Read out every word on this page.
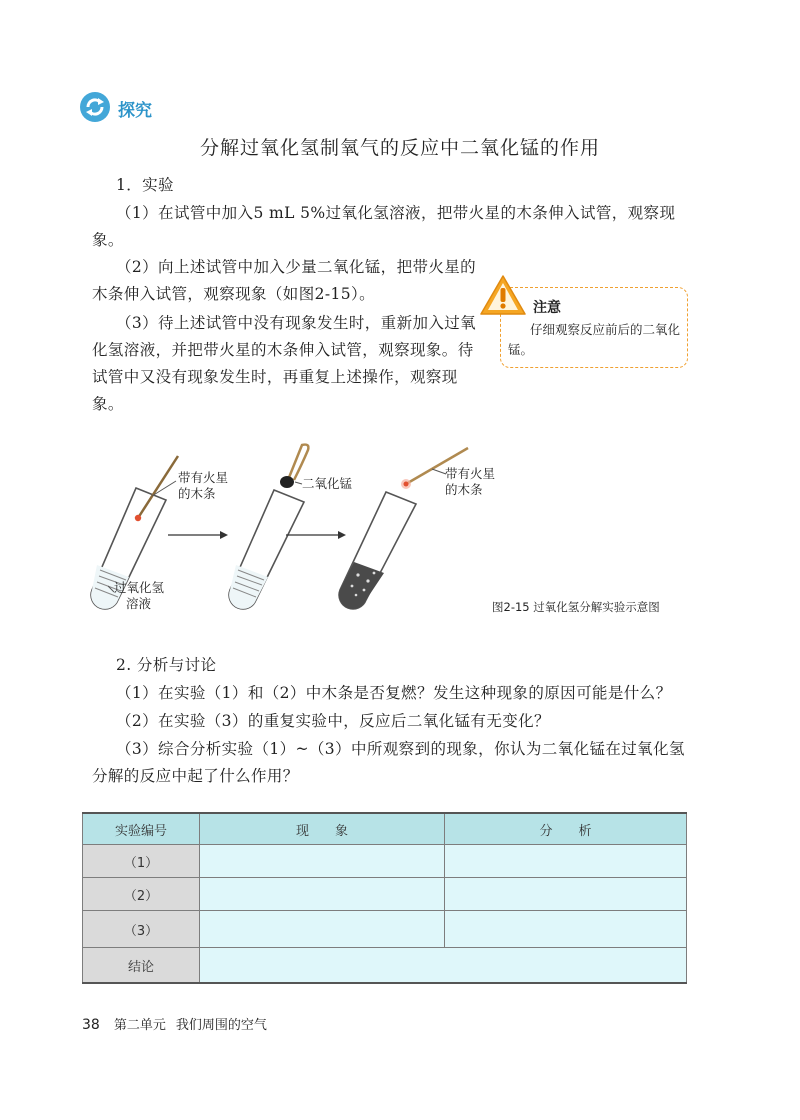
探究
分解过氧化氢制氧气的反应中二氧化锰的作用
1．实验
（1）在试管中加入5 mL 5%过氧化氢溶液，把带火星的木条伸入试管，观察现象。
（2）向上述试管中加入少量二氧化锰，把带火星的木条伸入试管，观察现象（如图2-15）。
（3）待上述试管中没有现象发生时，重新加入过氧化氢溶液，并把带火星的木条伸入试管，观察现象。待试管中又没有现象发生时，再重复上述操作，观察现象。
注意
仔细观察反应前后的二氧化锰。
带有火星
的木条
二氧化锰
带有火星
的木条
过氧化氢
溶液	图2-15 过氧化氢分解实验示意图
2. 分析与讨论
（1）在实验（1）和（2）中木条是否复燃？发生这种现象的原因可能是什么？
（2）在实验（3）的重复实验中，反应后二氧化锰有无变化？
（3）综合分析实验（1）~（3）中所观察到的现象，你认为二氧化锰在过氧化氢分解的反应中起了什么作用？
实验编号	现　　象	分　　析
（1）		
（2）		
（3）		
结论		
38 第二单元 我们周围的空气
